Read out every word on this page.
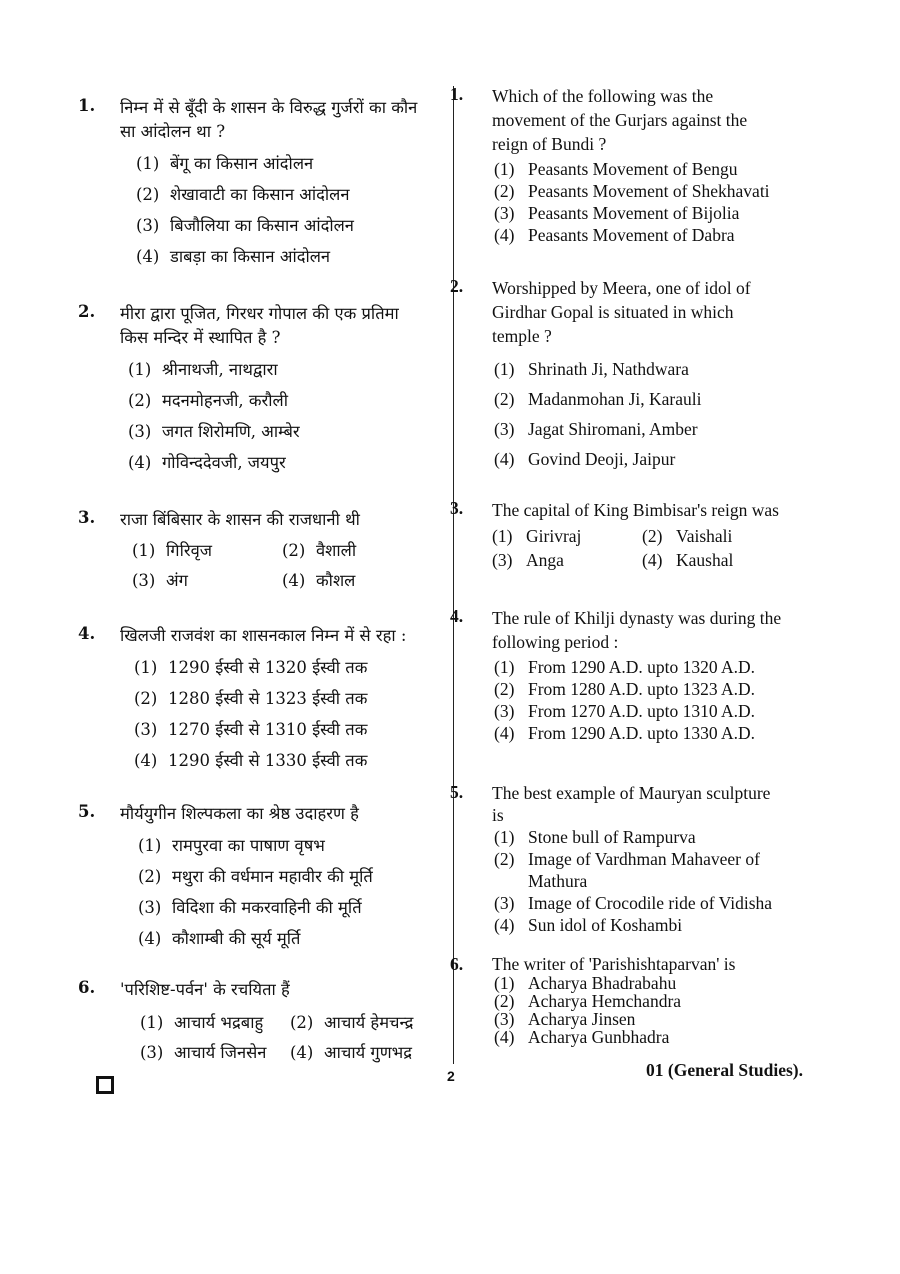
1. निम्न में से बूँदी के शासन के विरुद्ध गुर्जरों का कौन सा आंदोलन था ?
(1) बेंगू का किसान आंदोलन
(2) शेखावाटी का किसान आंदोलन
(3) बिजौलिया का किसान आंदोलन
(4) डाबड़ा का किसान आंदोलन
2. मीरा द्वारा पूजित, गिरधर गोपाल की एक प्रतिमा किस मन्दिर में स्थापित है ?
(1) श्रीनाथजी, नाथद्वारा
(2) मदनमोहनजी, करौली
(3) जगत शिरोमणि, आम्बेर
(4) गोविन्ददेवजी, जयपुर
3. राजा बिंबिसार के शासन की राजधानी थी
(1) गिरिवृज	(2) वैशाली
(3) अंग	(4) कौशल
4. खिलजी राजवंश का शासनकाल निम्न में से रहा :
(1) 1290 ईस्वी से 1320 ईस्वी तक
(2) 1280 ईस्वी से 1323 ईस्वी तक
(3) 1270 ईस्वी से 1310 ईस्वी तक
(4) 1290 ईस्वी से 1330 ईस्वी तक
5. मौर्ययुगीन शिल्पकला का श्रेष्ठ उदाहरण है
(1) रामपुरवा का पाषाण वृषभ
(2) मथुरा की वर्धमान महावीर की मूर्ति
(3) विदिशा की मकरवाहिनी की मूर्ति
(4) कौशाम्बी की सूर्य मूर्ति
6. 'परिशिष्ट-पर्वन' के रचयिता हैं
(1) आचार्य भद्रबाहु	(2) आचार्य हेमचन्द्र
(3) आचार्य जिनसेन	(4) आचार्य गुणभद्र
1. Which of the following was the movement of the Gurjars against the reign of Bundi ?
(1) Peasants Movement of Bengu
(2) Peasants Movement of Shekhavati
(3) Peasants Movement of Bijolia
(4) Peasants Movement of Dabra
2. Worshipped by Meera, one of idol of Girdhar Gopal is situated in which temple ?
(1) Shrinath Ji, Nathdwara
(2) Madanmohan Ji, Karauli
(3) Jagat Shiromani, Amber
(4) Govind Deoji, Jaipur
3. The capital of King Bimbisar's reign was
(1) Girivraj	(2) Vaishali
(3) Anga	(4) Kaushal
4. The rule of Khilji dynasty was during the following period :
(1) From 1290 A.D. upto 1320 A.D.
(2) From 1280 A.D. upto 1323 A.D.
(3) From 1270 A.D. upto 1310 A.D.
(4) From 1290 A.D. upto 1330 A.D.
5. The best example of Mauryan sculpture is
(1) Stone bull of Rampurva
(2) Image of Vardhman Mahaveer of Mathura
(3) Image of Crocodile ride of Vidisha
(4) Sun idol of Koshambi
6. The writer of 'Parishishtaparvan' is
(1) Acharya Bhadrabahu
(2) Acharya Hemchandra
(3) Acharya Jinsen
(4) Acharya Gunbhadra
2	01 (General Studies).
